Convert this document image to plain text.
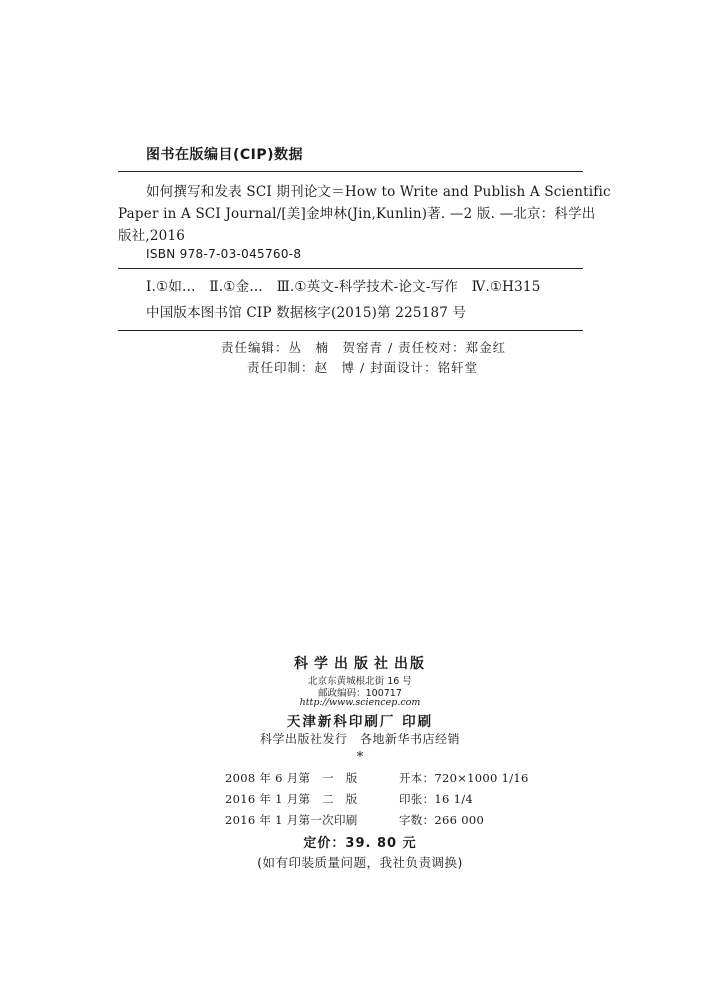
图书在版编目(CIP)数据
如何撰写和发表 SCI 期刊论文＝How to Write and Publish A Scientific
Paper in A SCI Journal/[美]金坤林(Jin,Kunlin)著. —2 版. —北京：科学出
版社,2016
ISBN 978-7-03-045760-8
Ⅰ.①如…　Ⅱ.①金…　Ⅲ.①英文-科学技术-论文-写作　Ⅳ.①H315
中国版本图书馆 CIP 数据核字(2015)第 225187 号
责任编辑：丛　楠　贺窑青 / 责任校对：郑金红
责任印制：赵　博 / 封面设计：铭轩堂
科学出版社出版
北京东黄城根北街 16 号
邮政编码：100717
http://www.sciencep.com
天津新科印刷厂 印刷
科学出版社发行　各地新华书店经销
*
2008 年 6 月第　一　版	开本：720×1000 1/16
2016 年 1 月第　二　版	印张：16 1/4
2016 年 1 月第一次印刷	字数：266 000
定价：39. 80 元
(如有印装质量问题，我社负责调换)
